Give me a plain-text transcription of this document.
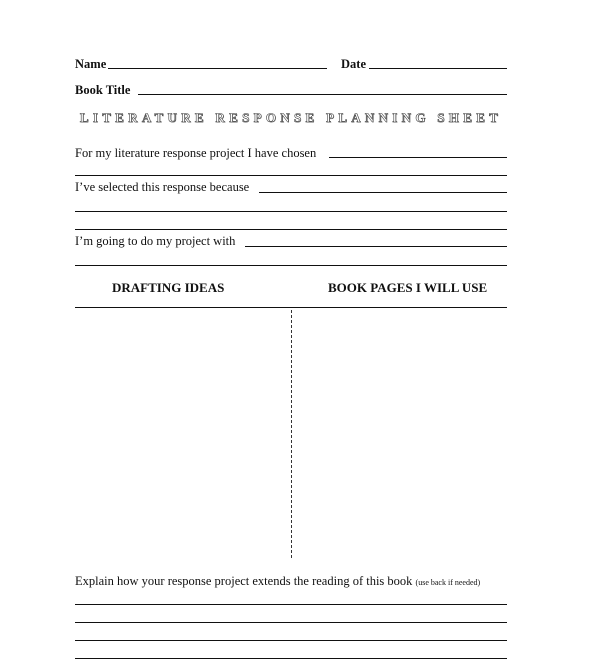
Name	Date
Book Title
LITERATURE RESPONSE PLANNING SHEET
For my literature response project I have chosen
I’ve selected this response because
I’m going to do my project with
DRAFTING IDEAS	BOOK PAGES I WILL USE
Explain how your response project extends the reading of this book (use back if needed)
